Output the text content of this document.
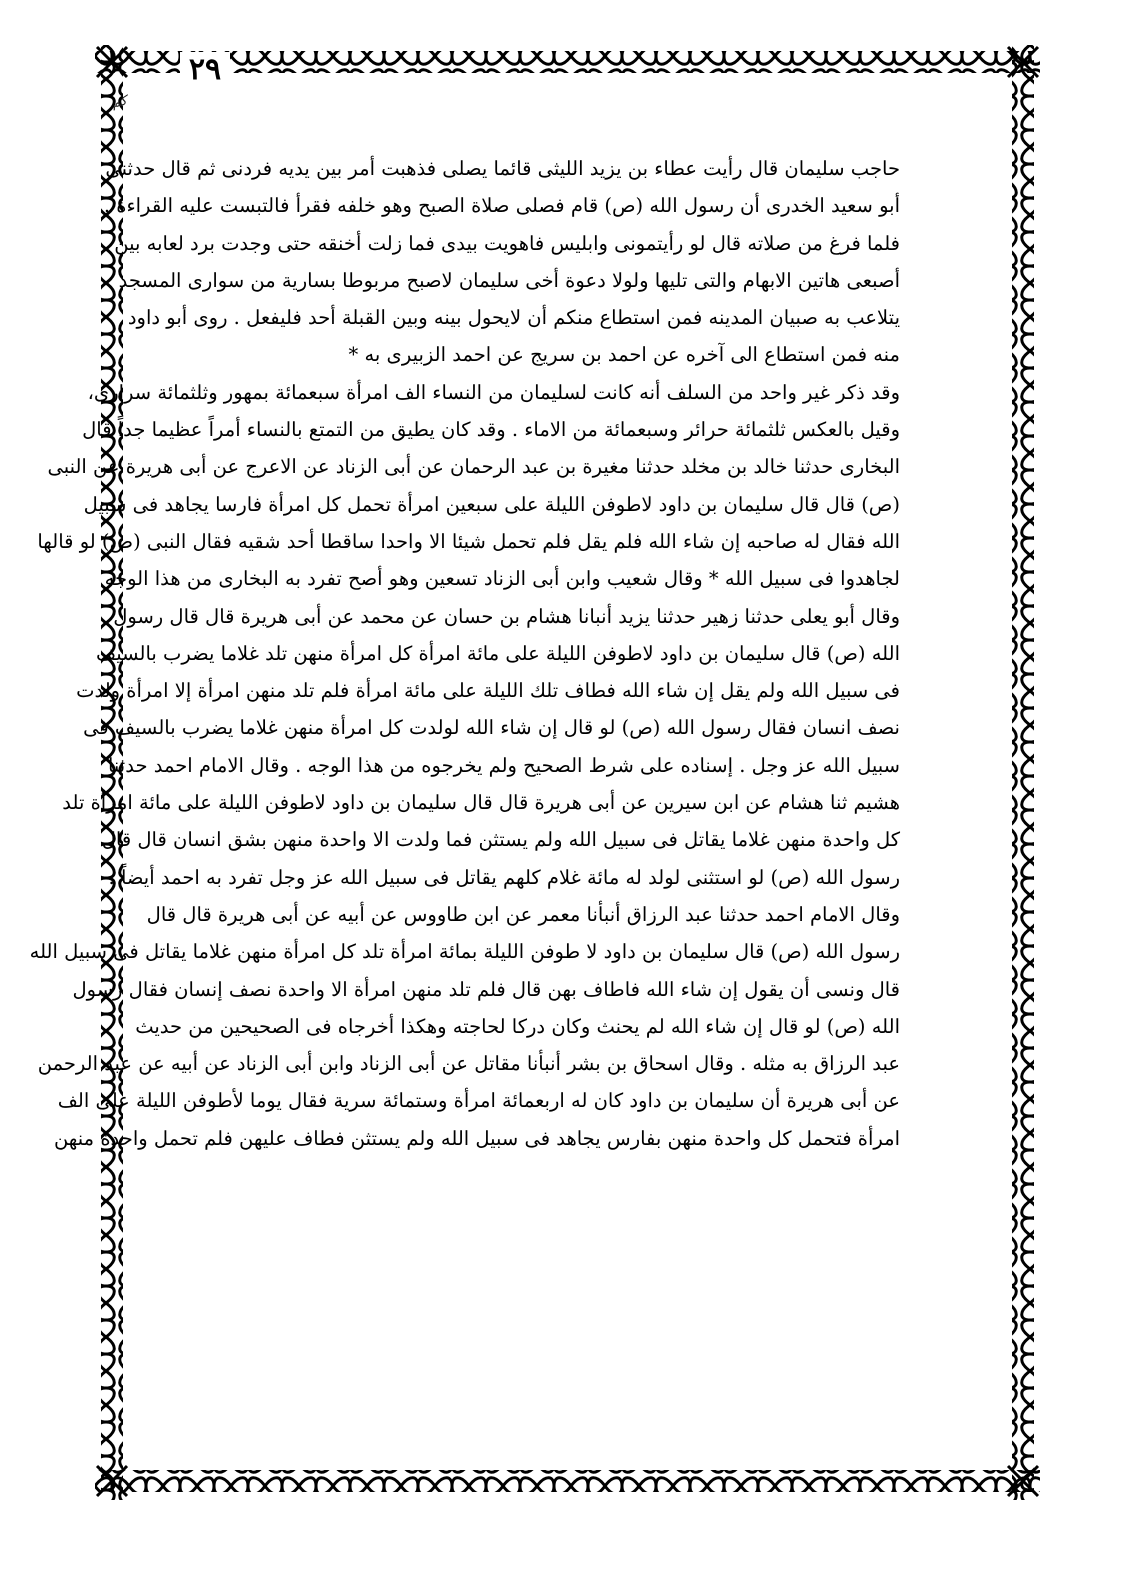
٢٩
كم
حاجب سليمان قال رأيت عطاء بن يزيد الليثى قائما يصلى فذهبت أمر بين يديه فردنى ثم قال حدثنى
أبو سعيد الخدرى أن رسول الله (ص) قام فصلى صلاة الصبح وهو خلفه فقرأ فالتبست عليه القراءة .
فلما فرغ من صلاته قال لو رأيتمونى وابليس فاهويت بيدى فما زلت أخنقه حتى وجدت برد لعابه بين
أصبعى هاتين الابهام والتى تليها ولولا دعوة أخى سليمان لاصبح مربوطا بسارية من سوارى المسجد
يتلاعب به صبيان المدينه فمن استطاع منكم أن لايحول بينه وبين القبلة أحد فليفعل . روى أبو داود
منه فمن استطاع الى آخره عن احمد بن سريج عن احمد الزبيرى به *
وقد ذكر غير واحد من السلف أنه كانت لسليمان من النساء الف امرأة سبعمائة بمهور وثلثمائة سرارى،
وقيل بالعكس ثلثمائة حرائر وسبعمائة من الاماء . وقد كان يطيق من التمتع بالنساء أمراً عظيما جداً قال
البخارى حدثنا خالد بن مخلد حدثنا مغيرة بن عبد الرحمان عن أبى الزناد عن الاعرج عن أبى هريرة عن النبى
(ص) قال قال سليمان بن داود لاطوفن الليلة على سبعين امرأة تحمل كل امرأة فارسا يجاهد فى سبيل
الله فقال له صاحبه إن شاء الله فلم يقل فلم تحمل شيئا الا واحدا ساقطا أحد شقيه فقال النبى (ص) لو قالها
لجاهدوا فى سبيل الله * وقال شعيب وابن أبى الزناد تسعين وهو أصح تفرد به البخارى من هذا الوجه
وقال أبو يعلى حدثنا زهير حدثنا يزيد أنبانا هشام بن حسان عن محمد عن أبى هريرة قال قال رسول
الله (ص) قال سليمان بن داود لاطوفن الليلة على مائة امرأة كل امرأة منهن تلد غلاما يضرب بالسيف
فى سبيل الله ولم يقل إن شاء الله فطاف تلك الليلة على مائة امرأة فلم تلد منهن امرأة إلا امرأة ولدت
نصف انسان فقال رسول الله (ص) لو قال إن شاء الله لولدت كل امرأة منهن غلاما يضرب بالسيف فى
سبيل الله عز وجل . إسناده على شرط الصحيح ولم يخرجوه من هذا الوجه . وقال الامام احمد حدثنا
هشيم ثنا هشام عن ابن سيرين عن أبى هريرة قال قال سليمان بن داود لاطوفن الليلة على مائة امرأة تلد
كل واحدة منهن غلاما يقاتل فى سبيل الله ولم يستثن فما ولدت الا واحدة منهن بشق انسان قال قال
رسول الله (ص) لو استثنى لولد له مائة غلام كلهم يقاتل فى سبيل الله عز وجل تفرد به احمد أيضاً .
وقال الامام احمد حدثنا عبد الرزاق أنبأنا معمر عن ابن طاووس عن أبيه عن أبى هريرة قال قال
رسول الله (ص) قال سليمان بن داود لا طوفن الليلة بمائة امرأة تلد كل امرأة منهن غلاما يقاتل فى سبيل الله
قال ونسى أن يقول إن شاء الله فاطاف بهن قال فلم تلد منهن امرأة الا واحدة نصف إنسان فقال رسول
الله (ص) لو قال إن شاء الله لم يحنث وكان دركا لحاجته وهكذا أخرجاه فى الصحيحين من حديث
عبد الرزاق به مثله . وقال اسحاق بن بشر أنبأنا مقاتل عن أبى الزناد وابن أبى الزناد عن أبيه عن عبد الرحمن
عن أبى هريرة أن سليمان بن داود كان له اربعمائة امرأة وستمائة سرية فقال يوما لأطوفن الليلة على الف
امرأة فتحمل كل واحدة منهن بفارس يجاهد فى سبيل الله ولم يستثن فطاف عليهن فلم تحمل واحدة منهن
